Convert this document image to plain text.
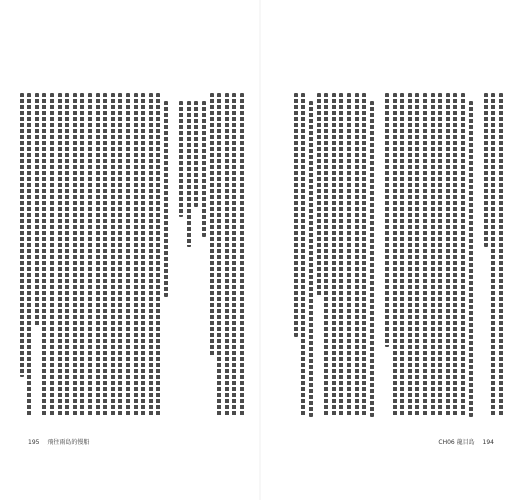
195 飛往雨島的慢船	CH06 龍目島 194
